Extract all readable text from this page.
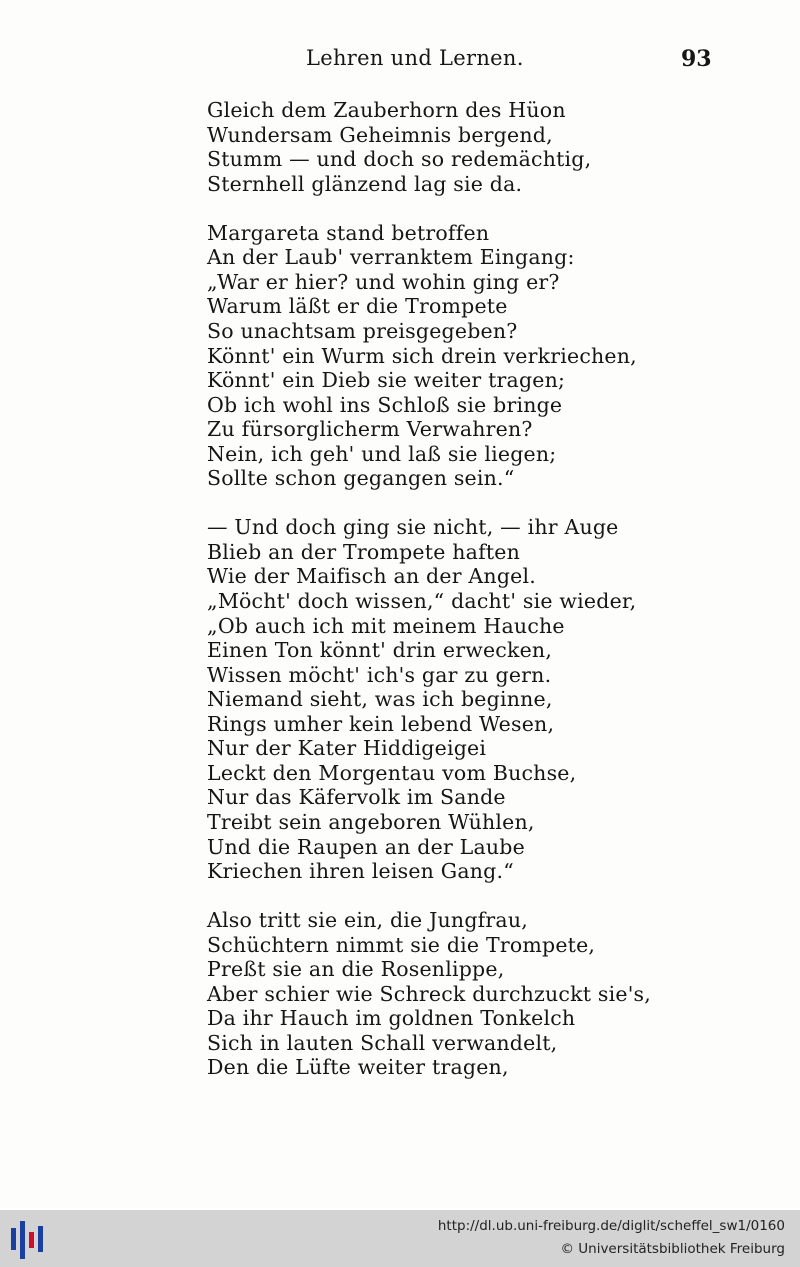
Lehren und Lernen.	93
Gleich dem Zauberhorn des Hüon
Wundersam Geheimnis bergend,
Stumm — und doch so redemächtig,
Sternhell glänzend lag sie da.
Margareta stand betroffen
An der Laub' verranktem Eingang:
„War er hier? und wohin ging er?
Warum läßt er die Trompete
So unachtsam preisgegeben?
Könnt' ein Wurm sich drein verkriechen,
Könnt' ein Dieb sie weiter tragen;
Ob ich wohl ins Schloß sie bringe
Zu fürsorglicherm Verwahren?
Nein, ich geh' und laß sie liegen;
Sollte schon gegangen sein.“
— Und doch ging sie nicht, — ihr Auge
Blieb an der Trompete haften
Wie der Maifisch an der Angel.
„Möcht' doch wissen,“ dacht' sie wieder,
„Ob auch ich mit meinem Hauche
Einen Ton könnt' drin erwecken,
Wissen möcht' ich's gar zu gern.
Niemand sieht, was ich beginne,
Rings umher kein lebend Wesen,
Nur der Kater Hiddigeigei
Leckt den Morgentau vom Buchse,
Nur das Käfervolk im Sande
Treibt sein angeboren Wühlen,
Und die Raupen an der Laube
Kriechen ihren leisen Gang.“
Also tritt sie ein, die Jungfrau,
Schüchtern nimmt sie die Trompete,
Preßt sie an die Rosenlippe,
Aber schier wie Schreck durchzuckt sie's,
Da ihr Hauch im goldnen Tonkelch
Sich in lauten Schall verwandelt,
Den die Lüfte weiter tragen,
http://dl.ub.uni-freiburg.de/diglit/scheffel_sw1/0160
© Universitätsbibliothek Freiburg
